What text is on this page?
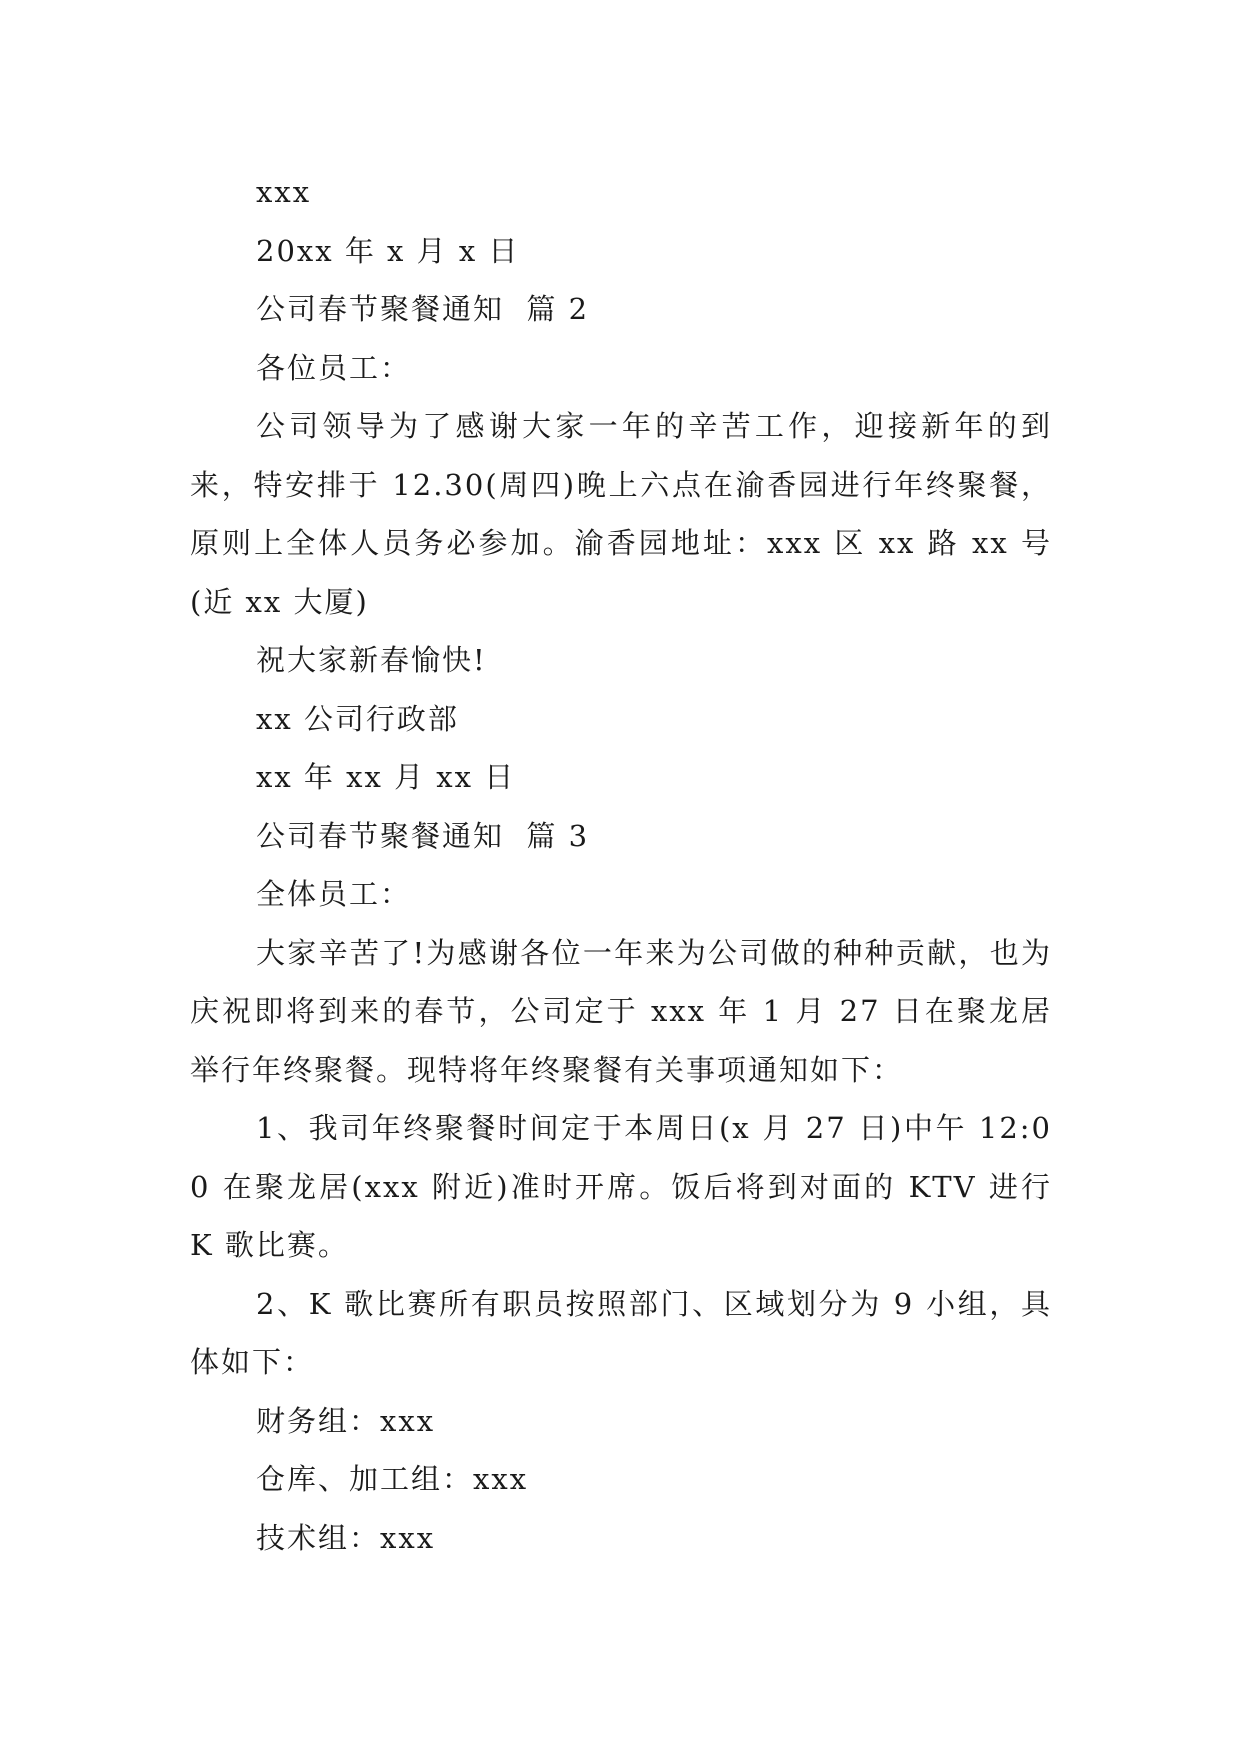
xxx

20xx 年 x 月 x 日

公司春节聚餐通知  篇 2

各位员工：

公司领导为了感谢大家一年的辛苦工作，迎接新年的到来，特安排于 12.30(周四)晚上六点在渝香园进行年终聚餐，原则上全体人员务必参加。渝香园地址：xxx 区 xx 路 xx 号(近 xx 大厦)

祝大家新春愉快!

xx 公司行政部

xx 年 xx 月 xx 日

公司春节聚餐通知  篇 3

全体员工：

大家辛苦了!为感谢各位一年来为公司做的种种贡献，也为庆祝即将到来的春节，公司定于 xxx 年 1 月 27 日在聚龙居举行年终聚餐。现特将年终聚餐有关事项通知如下：

1、我司年终聚餐时间定于本周日(x 月 27 日)中午 12:00 在聚龙居(xxx 附近)准时开席。饭后将到对面的 KTV 进行 K 歌比赛。

2、K 歌比赛所有职员按照部门、区域划分为 9 小组，具体如下：

财务组：xxx

仓库、加工组：xxx

技术组：xxx
